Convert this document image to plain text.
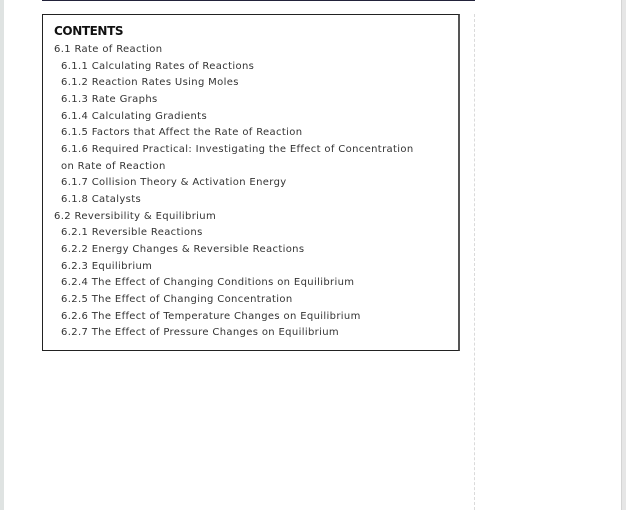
CONTENTS
6.1 Rate of Reaction
6.1.1 Calculating Rates of Reactions
6.1.2 Reaction Rates Using Moles
6.1.3 Rate Graphs
6.1.4 Calculating Gradients
6.1.5 Factors that Affect the Rate of Reaction
6.1.6 Required Practical: Investigating the Effect of Concentration on Rate of Reaction
6.1.7 Collision Theory & Activation Energy
6.1.8 Catalysts
6.2 Reversibility & Equilibrium
6.2.1 Reversible Reactions
6.2.2 Energy Changes & Reversible Reactions
6.2.3 Equilibrium
6.2.4 The Effect of Changing Conditions on Equilibrium
6.2.5 The Effect of Changing Concentration
6.2.6 The Effect of Temperature Changes on Equilibrium
6.2.7 The Effect of Pressure Changes on Equilibrium
